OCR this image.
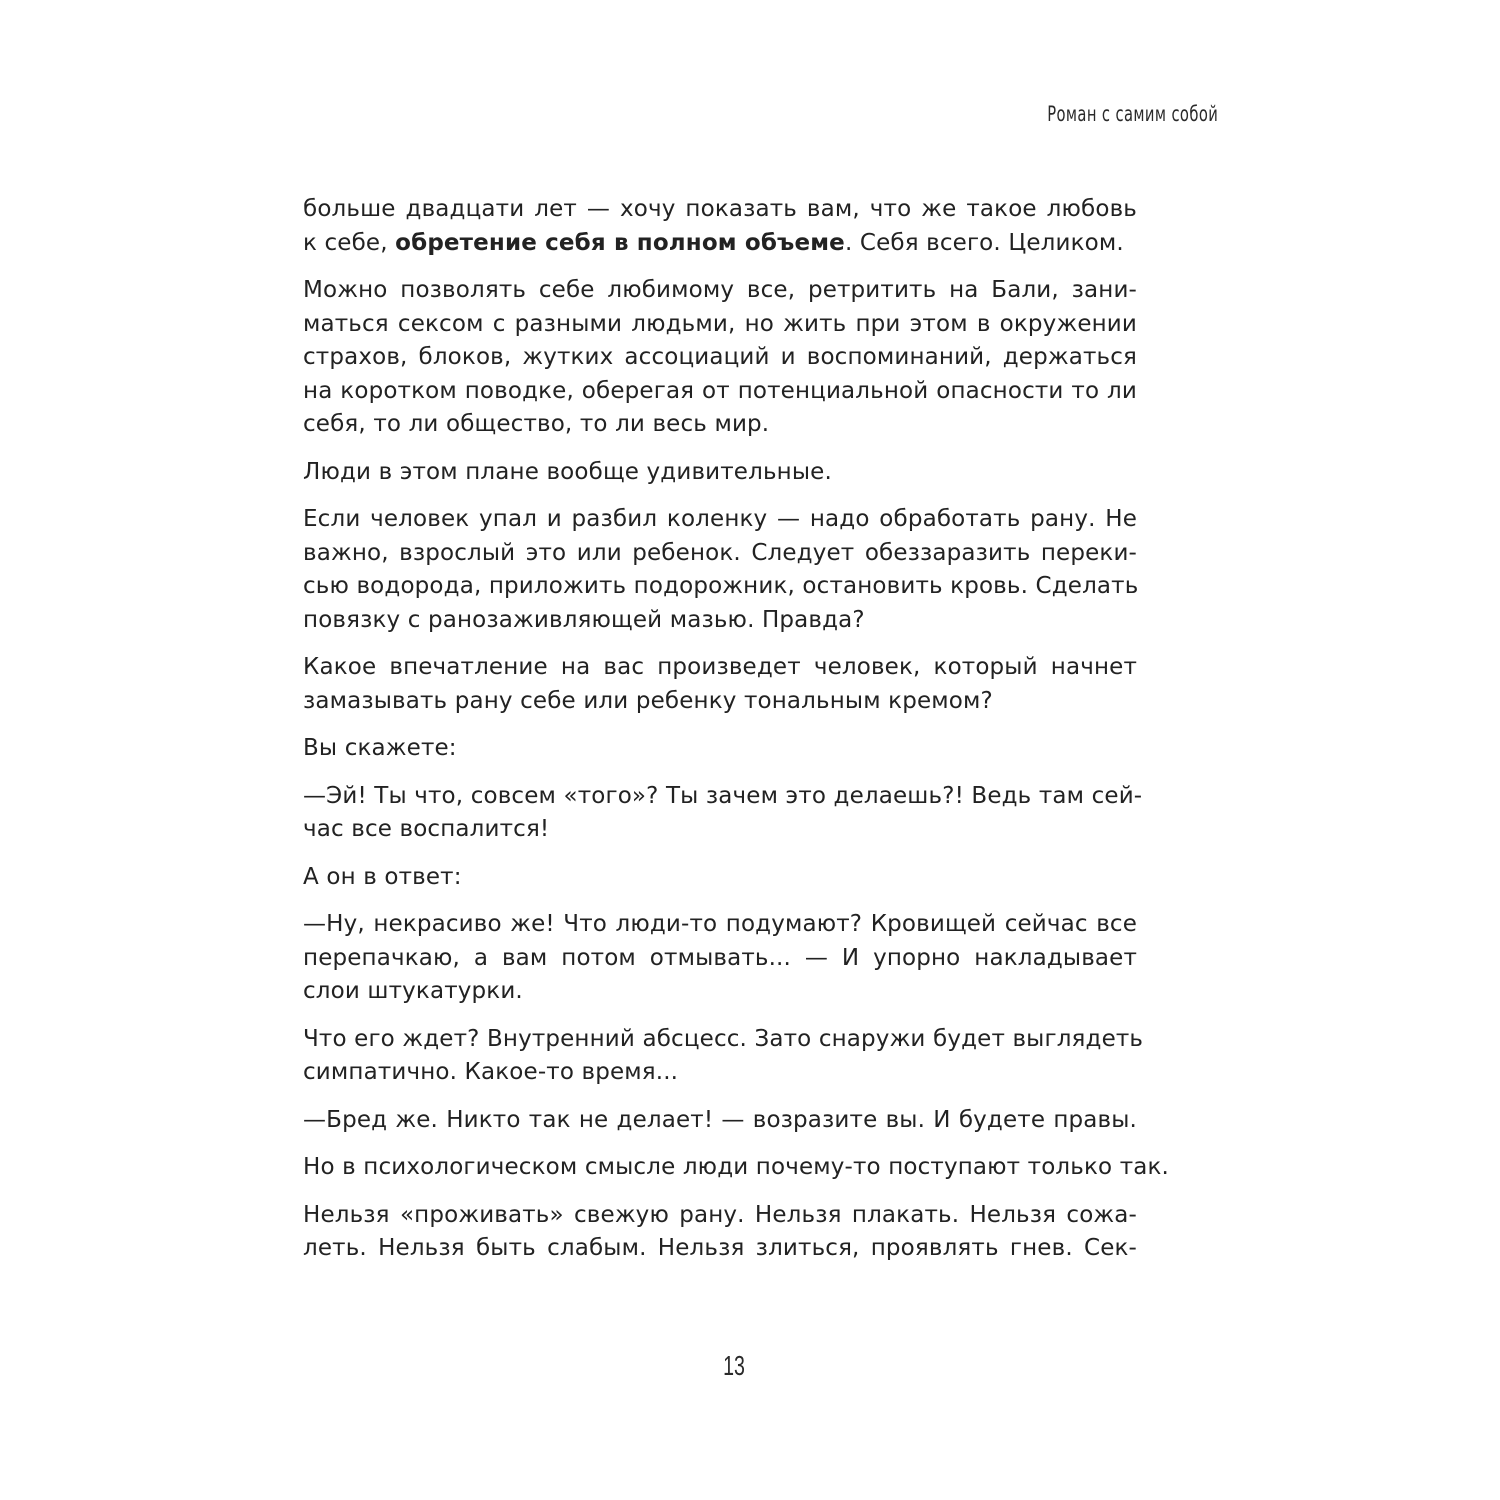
Роман с самим собой
больше двадцати лет — хочу показать вам, что же такое любовь
к себе, обретение себя в полном объеме. Себя всего. Целиком.
Можно позволять себе любимому все, ретритить на Бали, зани-
маться сексом с разными людьми, но жить при этом в окружении
страхов, блоков, жутких ассоциаций и воспоминаний, держаться
на коротком поводке, оберегая от потенциальной опасности то ли
себя, то ли общество, то ли весь мир.
Люди в этом плане вообще удивительные.
Если человек упал и разбил коленку — надо обработать рану. Не
важно, взрослый это или ребенок. Следует обеззаразить переки-
сью водорода, приложить подорожник, остановить кровь. Сделать
повязку с ранозаживляющей мазью. Правда?
Какое впечатление на вас произведет человек, который начнет
замазывать рану себе или ребенку тональным кремом?
Вы скажете:
—Эй! Ты что, совсем «того»? Ты зачем это делаешь?! Ведь там сей-
час все воспалится!
А он в ответ:
—Ну, некрасиво же! Что люди-то подумают? Кровищей сейчас все
перепачкаю, а вам потом отмывать... — И упорно накладывает
слои штукатурки.
Что его ждет? Внутренний абсцесс. Зато снаружи будет выглядеть
симпатично. Какое-то время...
—Бред же. Никто так не делает! — возразите вы. И будете правы.
Но в психологическом смысле люди почему-то поступают только так.
Нельзя «проживать» свежую рану. Нельзя плакать. Нельзя сожа-
леть. Нельзя быть слабым. Нельзя злиться, проявлять гнев. Сек-
13
